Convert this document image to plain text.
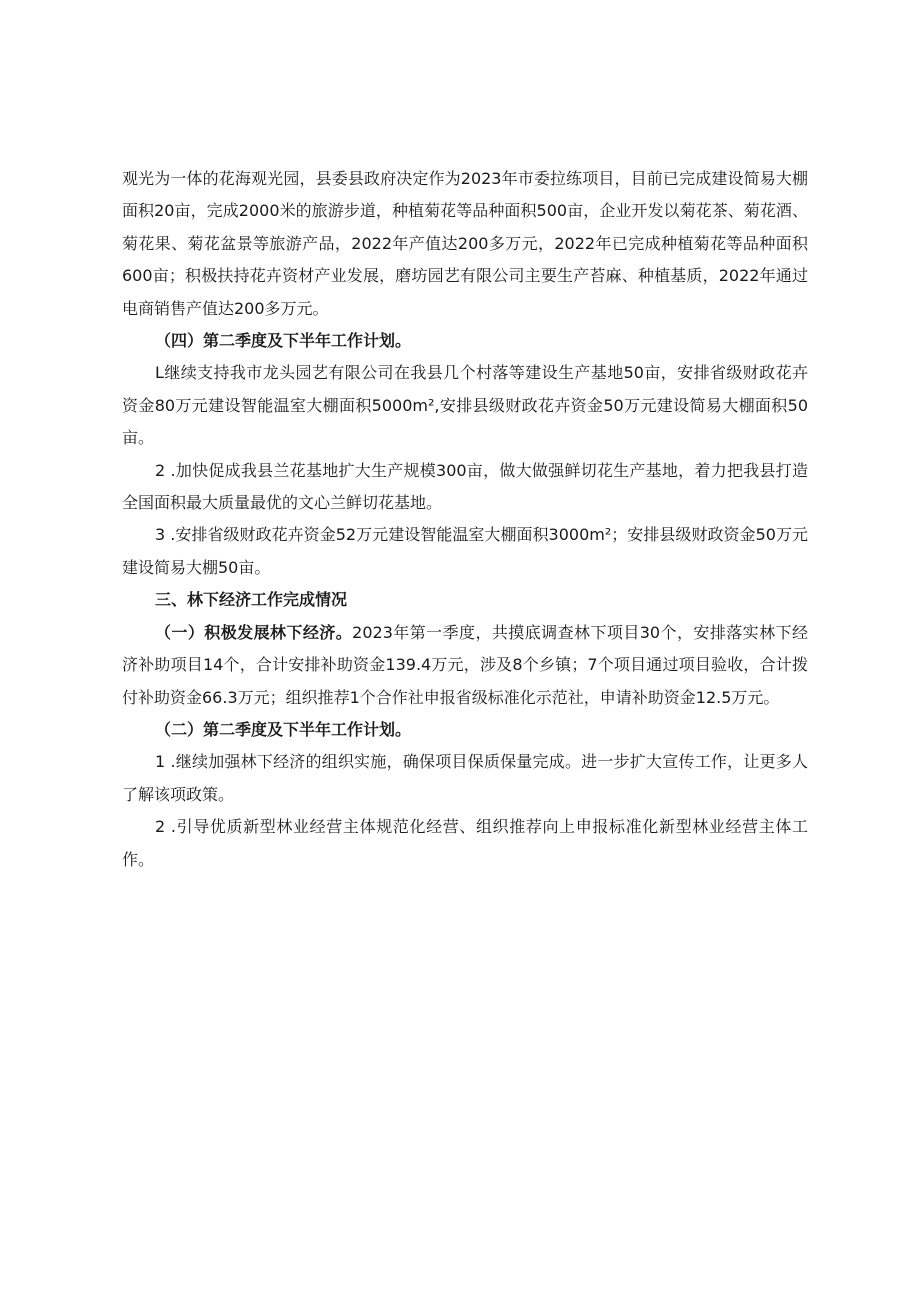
观光为一体的花海观光园，县委县政府决定作为2023年市委拉练项目，目前已完成建设简易大棚面积20亩，完成2000米的旅游步道，种植菊花等品种面积500亩，企业开发以菊花茶、菊花酒、菊花果、菊花盆景等旅游产品，2022年产值达200多万元，2022年已完成种植菊花等品种面积600亩；积极扶持花卉资材产业发展，磨坊园艺有限公司主要生产苔麻、种植基质，2022年通过电商销售产值达200多万元。

（四）第二季度及下半年工作计划。

L继续支持我市龙头园艺有限公司在我县几个村落等建设生产基地50亩，安排省级财政花卉资金80万元建设智能温室大棚面积5000m²,安排县级财政花卉资金50万元建设简易大棚面积50亩。

2 .加快促成我县兰花基地扩大生产规模300亩，做大做强鲜切花生产基地，着力把我县打造全国面积最大质量最优的文心兰鲜切花基地。

3 .安排省级财政花卉资金52万元建设智能温室大棚面积3000m²；安排县级财政资金50万元建设简易大棚50亩。

三、林下经济工作完成情况

（一）积极发展林下经济。2023年第一季度，共摸底调查林下项目30个，安排落实林下经济补助项目14个，合计安排补助资金139.4万元，涉及8个乡镇；7个项目通过项目验收，合计拨付补助资金66.3万元；组织推荐1个合作社申报省级标准化示范社，申请补助资金12.5万元。

（二）第二季度及下半年工作计划。

1 .继续加强林下经济的组织实施，确保项目保质保量完成。进一步扩大宣传工作，让更多人了解该项政策。

2 .引导优质新型林业经营主体规范化经营、组织推荐向上申报标准化新型林业经营主体工作。
